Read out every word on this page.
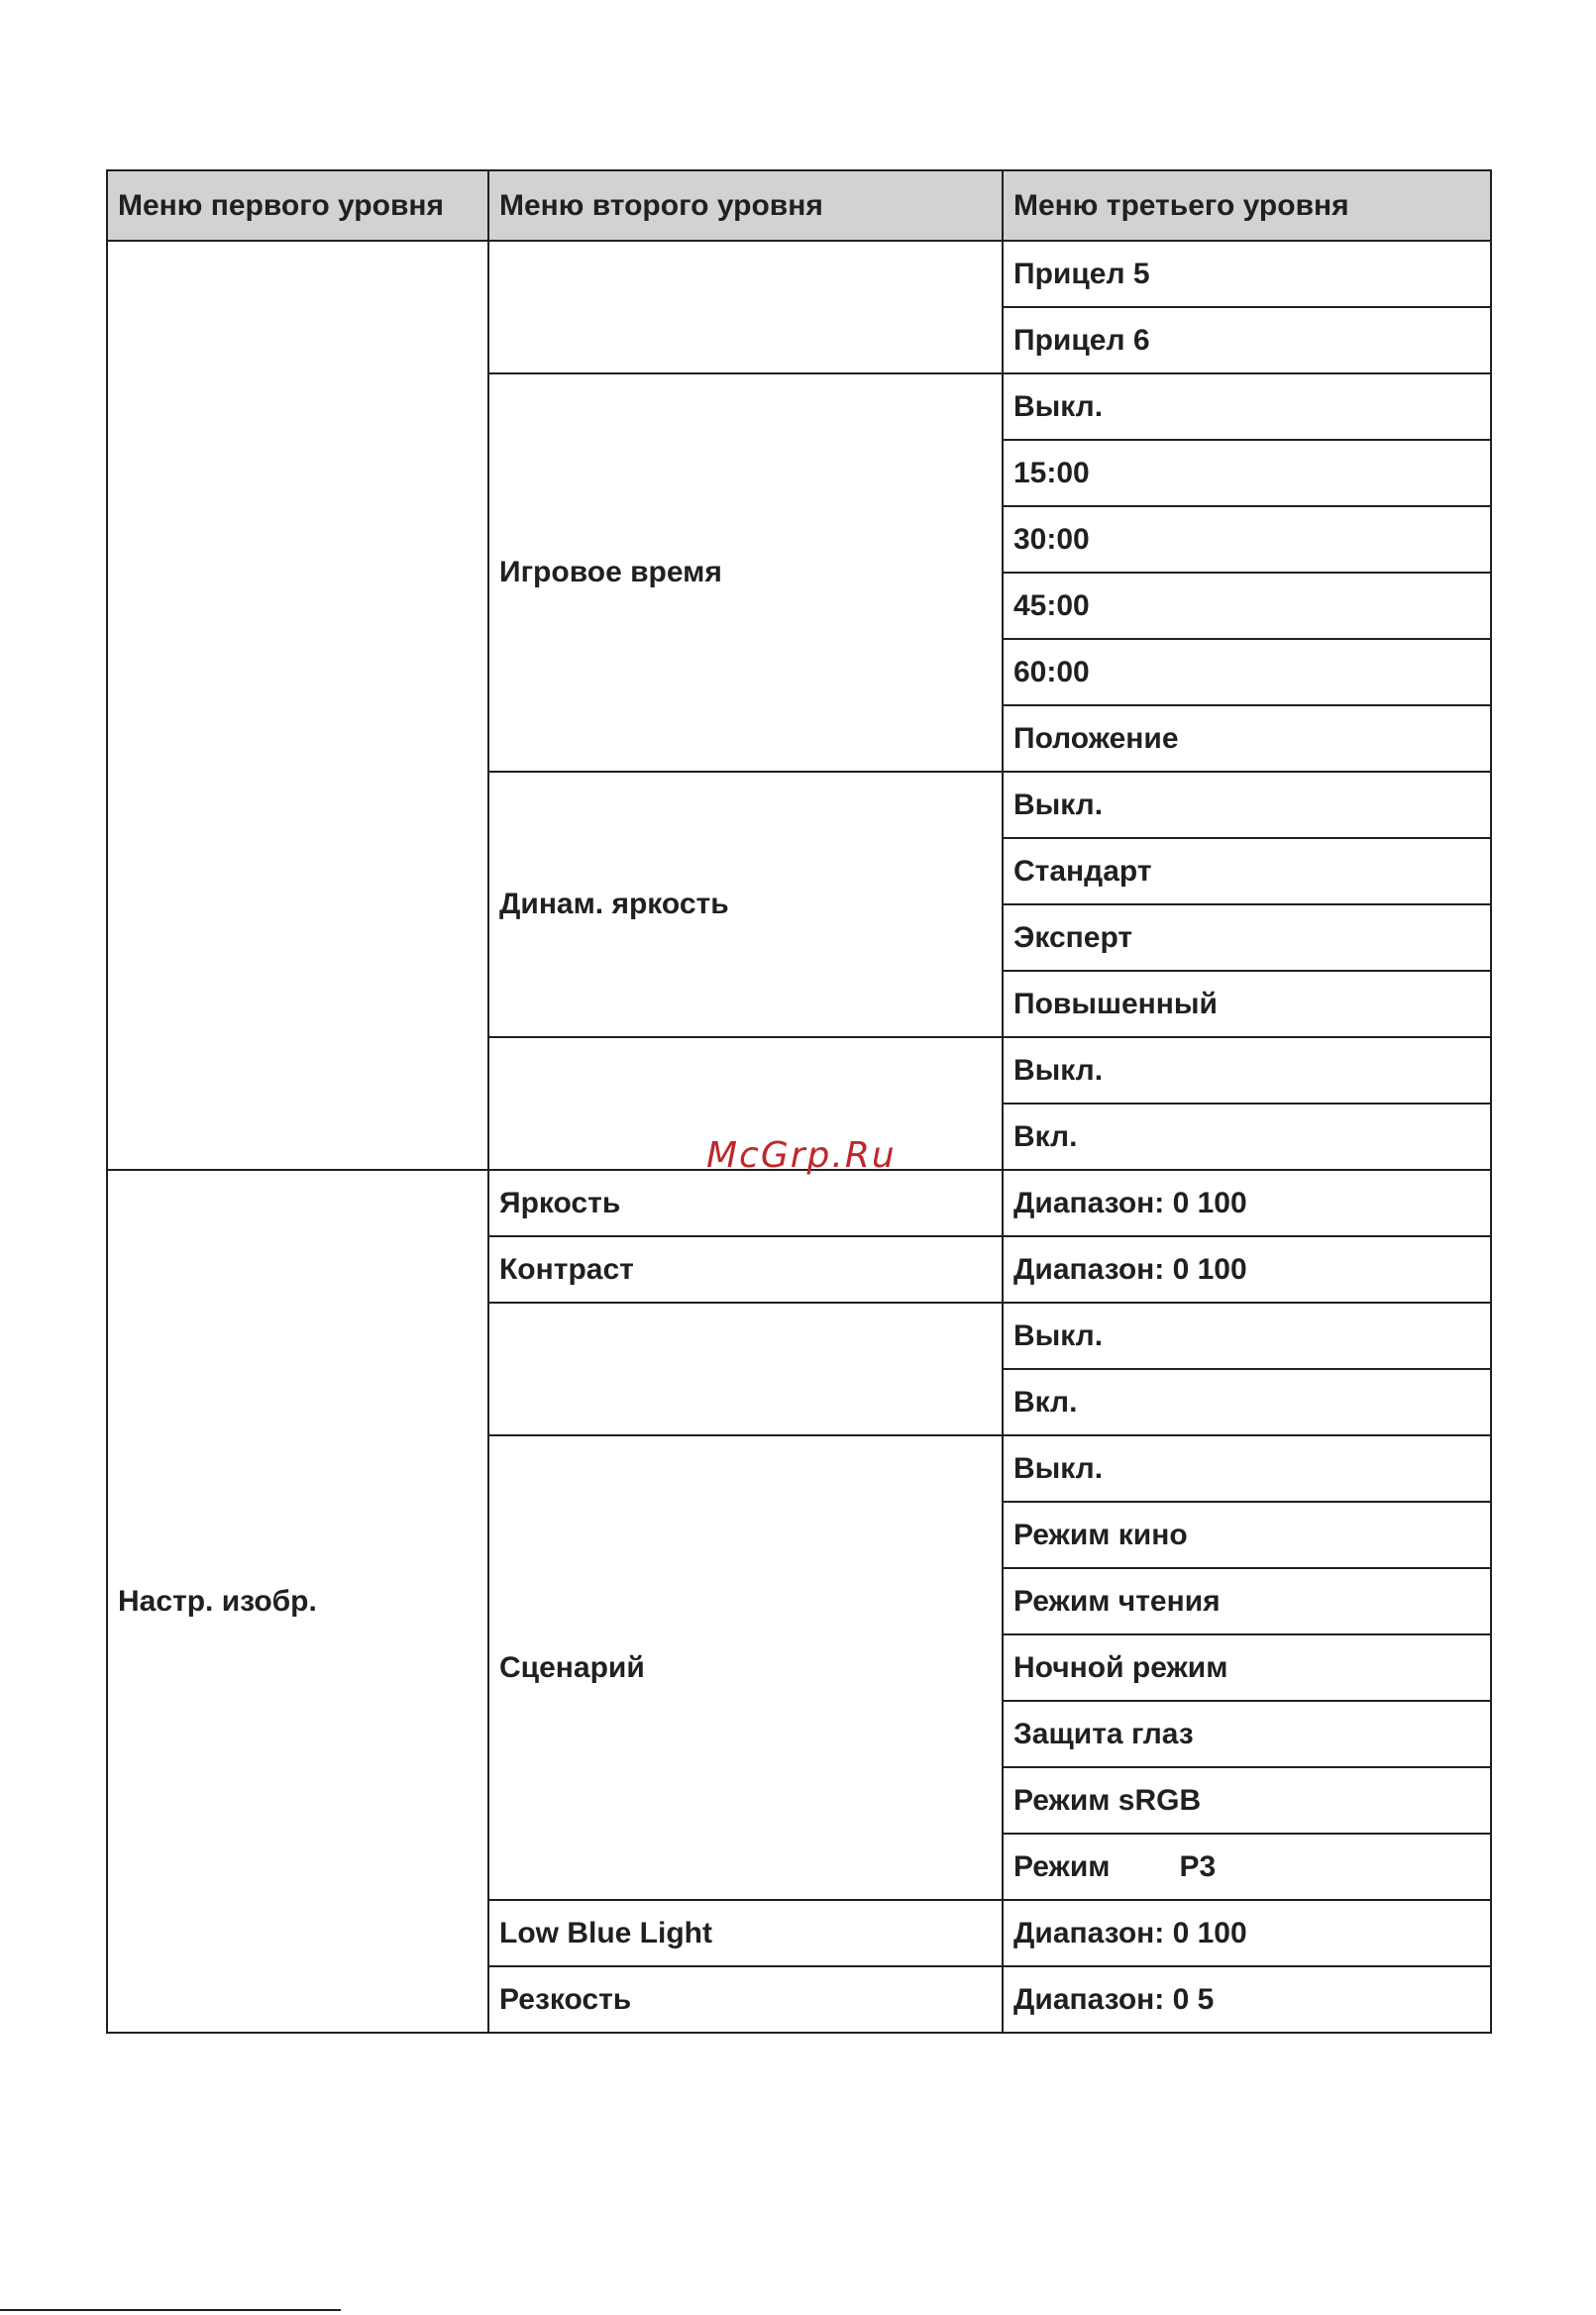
Меню первого уровня	Меню второго уровня	Меню третьего уровня
		Прицел 5
		Прицел 6
	Игровое время	Выкл.
		15:00
		30:00
		45:00
		60:00
		Положение
	Динам. яркость	Выкл.
		Стандарт
		Эксперт
		Повышенный
		Выкл.
		Вкл.
Настр. изобр.	Яркость	Диапазон: 0 100
	Контраст	Диапазон: 0 100
		Выкл.
		Вкл.
	Сценарий	Выкл.
		Режим кино
		Режим чтения
		Ночной режим
		Защита глаз
		Режим sRGB
		Режим P3
	Low Blue Light	Диапазон: 0 100
	Резкость	Диапазон: 0 5
McGrp.Ru
